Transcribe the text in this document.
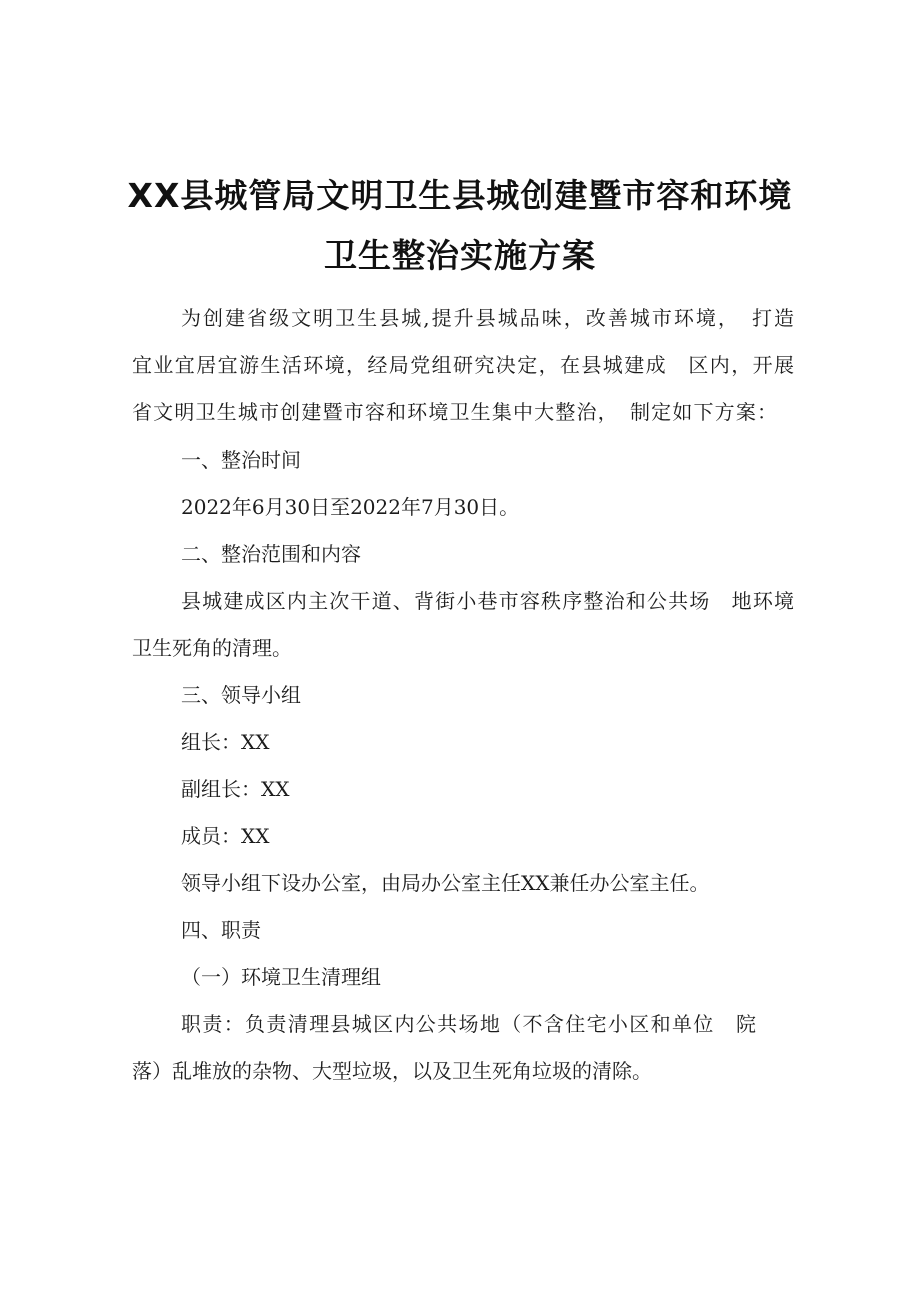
XX县城管局文明卫生县城创建暨市容和环境
卫生整治实施方案
为创建省级文明卫生县城,提升县城品味，改善城市环境，　打造
宜业宜居宜游生活环境，经局党组研究决定，在县城建成　区内，开展
省文明卫生城市创建暨市容和环境卫生集中大整治，　制定如下方案：
一、整治时间
2022年6月30日至2022年7月30日。
二、整治范围和内容
县城建成区内主次干道、背街小巷市容秩序整治和公共场　地环境
卫生死角的清理。
三、领导小组
组长：XX
副组长：XX
成员：XX
领导小组下设办公室，由局办公室主任XX兼任办公室主任。
四、职责
（一）环境卫生清理组
职责：负责清理县城区内公共场地（不含住宅小区和单位　院
落）乱堆放的杂物、大型垃圾，以及卫生死角垃圾的清除。
